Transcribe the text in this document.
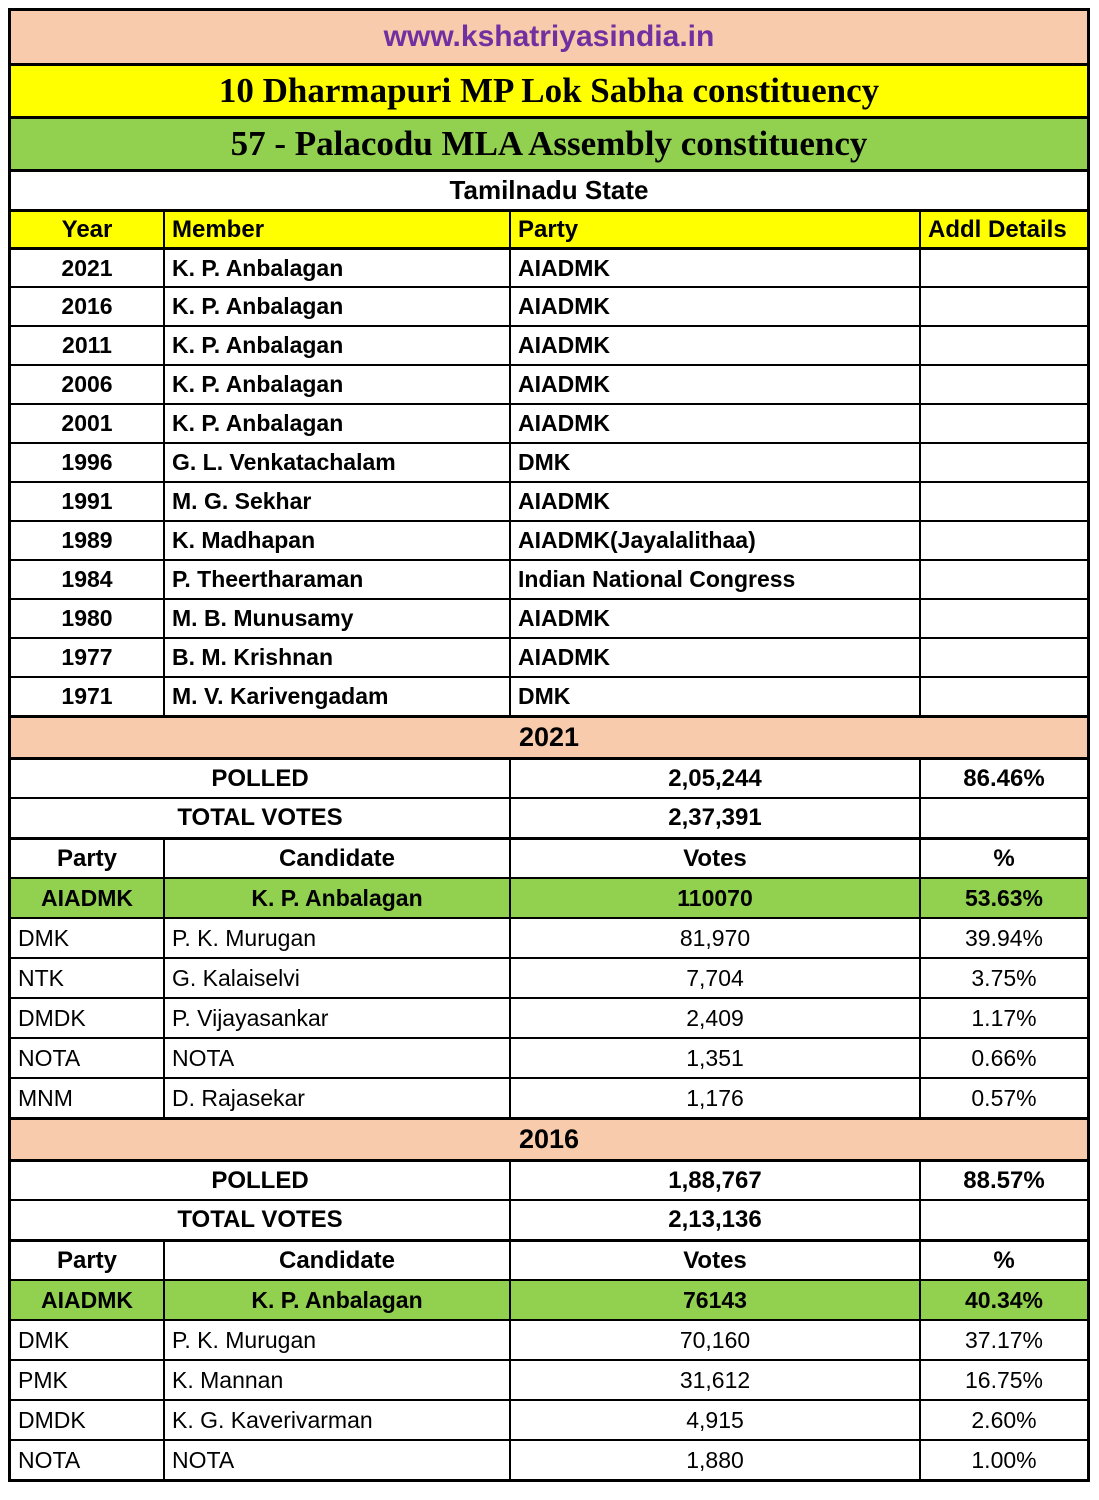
www.kshatriyasindia.in
10 Dharmapuri MP Lok Sabha constituency
57 - Palacodu MLA Assembly constituency
Tamilnadu State
Year	Member	Party	Addl Details
2021	K. P. Anbalagan	AIADMK
2016	K. P. Anbalagan	AIADMK
2011	K. P. Anbalagan	AIADMK
2006	K. P. Anbalagan	AIADMK
2001	K. P. Anbalagan	AIADMK
1996	G. L. Venkatachalam	DMK
1991	M. G. Sekhar	AIADMK
1989	K. Madhapan	AIADMK(Jayalalithaa)
1984	P. Theertharaman	Indian National Congress
1980	M. B. Munusamy	AIADMK
1977	B. M. Krishnan	AIADMK
1971	M. V. Karivengadam	DMK
2021
POLLED	2,05,244	86.46%
TOTAL VOTES	2,37,391
Party	Candidate	Votes	%
AIADMK	K. P. Anbalagan	110070	53.63%
DMK	P. K. Murugan	81,970	39.94%
NTK	G. Kalaiselvi	7,704	3.75%
DMDK	P. Vijayasankar	2,409	1.17%
NOTA	NOTA	1,351	0.66%
MNM	D. Rajasekar	1,176	0.57%
2016
POLLED	1,88,767	88.57%
TOTAL VOTES	2,13,136
Party	Candidate	Votes	%
AIADMK	K. P. Anbalagan	76143	40.34%
DMK	P. K. Murugan	70,160	37.17%
PMK	K. Mannan	31,612	16.75%
DMDK	K. G. Kaverivarman	4,915	2.60%
NOTA	NOTA	1,880	1.00%
